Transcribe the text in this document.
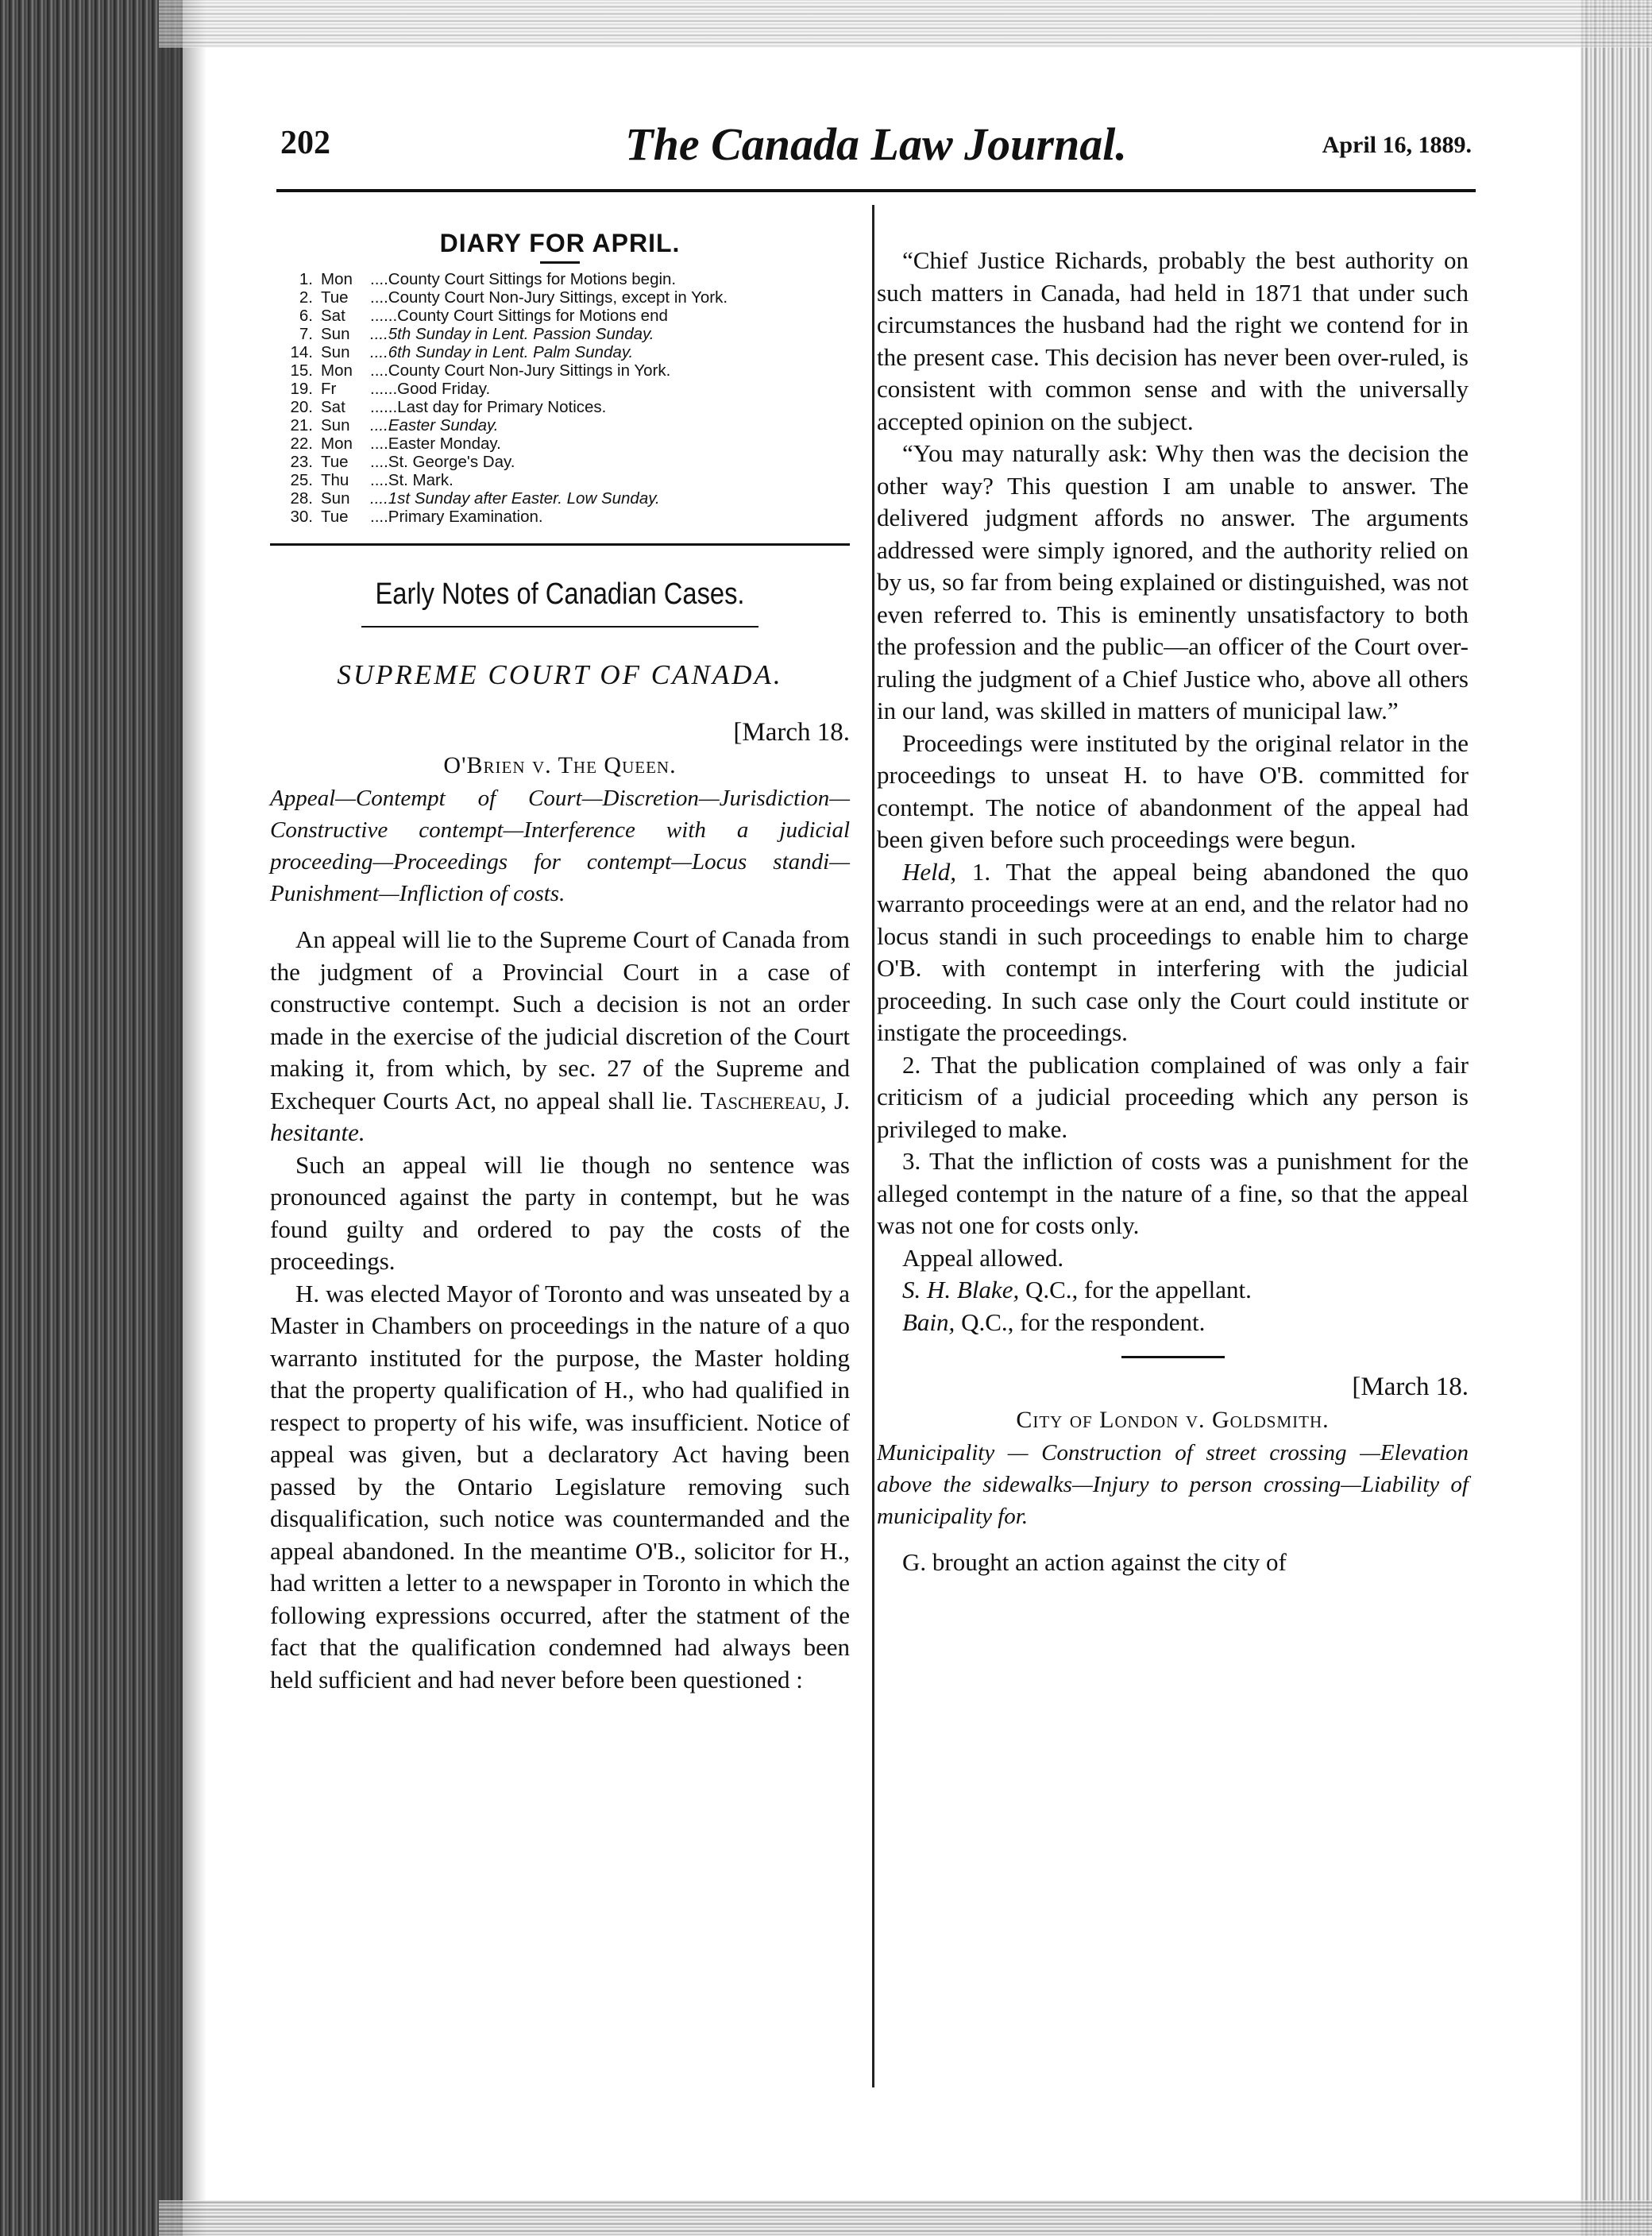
202	The Canada Law Journal.	April 16, 1889.
DIARY FOR APRIL.
1. Mon	....County Court Sittings for Motions begin.
2. Tue	....County Court Non-Jury Sittings, except in York.
6. Sat	......County Court Sittings for Motions end
7. Sun	....5th Sunday in Lent. Passion Sunday.
14. Sun	....6th Sunday in Lent. Palm Sunday.
15. Mon	....County Court Non-Jury Sittings in York.
19. Fr	......Good Friday.
20. Sat	......Last day for Primary Notices.
21. Sun	....Easter Sunday.
22. Mon	....Easter Monday.
23. Tue	....St. George's Day.
25. Thu	....St. Mark.
28. Sun	....1st Sunday after Easter. Low Sunday.
30. Tue	....Primary Examination.
Early Notes of Canadian Cases.
SUPREME COURT OF CANADA.
[March 18.
O'Brien v. The Queen.
Appeal—Contempt of Court—Discretion—Jurisdiction—Constructive contempt—Interference with a judicial proceeding—Proceedings for contempt—Locus standi—Punishment—Infliction of costs.

An appeal will lie to the Supreme Court of Canada from the judgment of a Provincial Court in a case of constructive contempt. Such a decision is not an order made in the exercise of the judicial discretion of the Court making it, from which, by sec. 27 of the Supreme and Exchequer Courts Act, no appeal shall lie. Taschereau, J. hesitante.

Such an appeal will lie though no sentence was pronounced against the party in contempt, but he was found guilty and ordered to pay the costs of the proceedings.

H. was elected Mayor of Toronto and was unseated by a Master in Chambers on proceedings in the nature of a quo warranto instituted for the purpose, the Master holding that the property qualification of H., who had qualified in respect to property of his wife, was insufficient. Notice of appeal was given, but a declaratory Act having been passed by the Ontario Legislature removing such disqualification, such notice was countermanded and the appeal abandoned. In the meantime O'B., solicitor for H., had written a letter to a newspaper in Toronto in which the following expressions occurred, after the statment of the fact that the qualification condemned had always been held sufficient and had never before been questioned :

“Chief Justice Richards, probably the best authority on such matters in Canada, had held in 1871 that under such circumstances the husband had the right we contend for in the present case. This decision has never been over-ruled, is consistent with common sense and with the universally accepted opinion on the subject.

“You may naturally ask: Why then was the decision the other way? This question I am unable to answer. The delivered judgment affords no answer. The arguments addressed were simply ignored, and the authority relied on by us, so far from being explained or distinguished, was not even referred to. This is eminently unsatisfactory to both the profession and the public—an officer of the Court over-ruling the judgment of a Chief Justice who, above all others in our land, was skilled in matters of municipal law.”

Proceedings were instituted by the original relator in the proceedings to unseat H. to have O'B. committed for contempt. The notice of abandonment of the appeal had been given before such proceedings were begun.

Held, 1. That the appeal being abandoned the quo warranto proceedings were at an end, and the relator had no locus standi in such proceedings to enable him to charge O'B. with contempt in interfering with the judicial proceeding. In such case only the Court could institute or instigate the proceedings.

2. That the publication complained of was only a fair criticism of a judicial proceeding which any person is privileged to make.

3. That the infliction of costs was a punishment for the alleged contempt in the nature of a fine, so that the appeal was not one for costs only.

Appeal allowed.

S. H. Blake, Q.C., for the appellant.

Bain, Q.C., for the respondent.

[March 18.
City of London v. Goldsmith.
Municipality — Construction of street crossing —Elevation above the sidewalks—Injury to person crossing—Liability of municipality for.

G. brought an action against the city of
